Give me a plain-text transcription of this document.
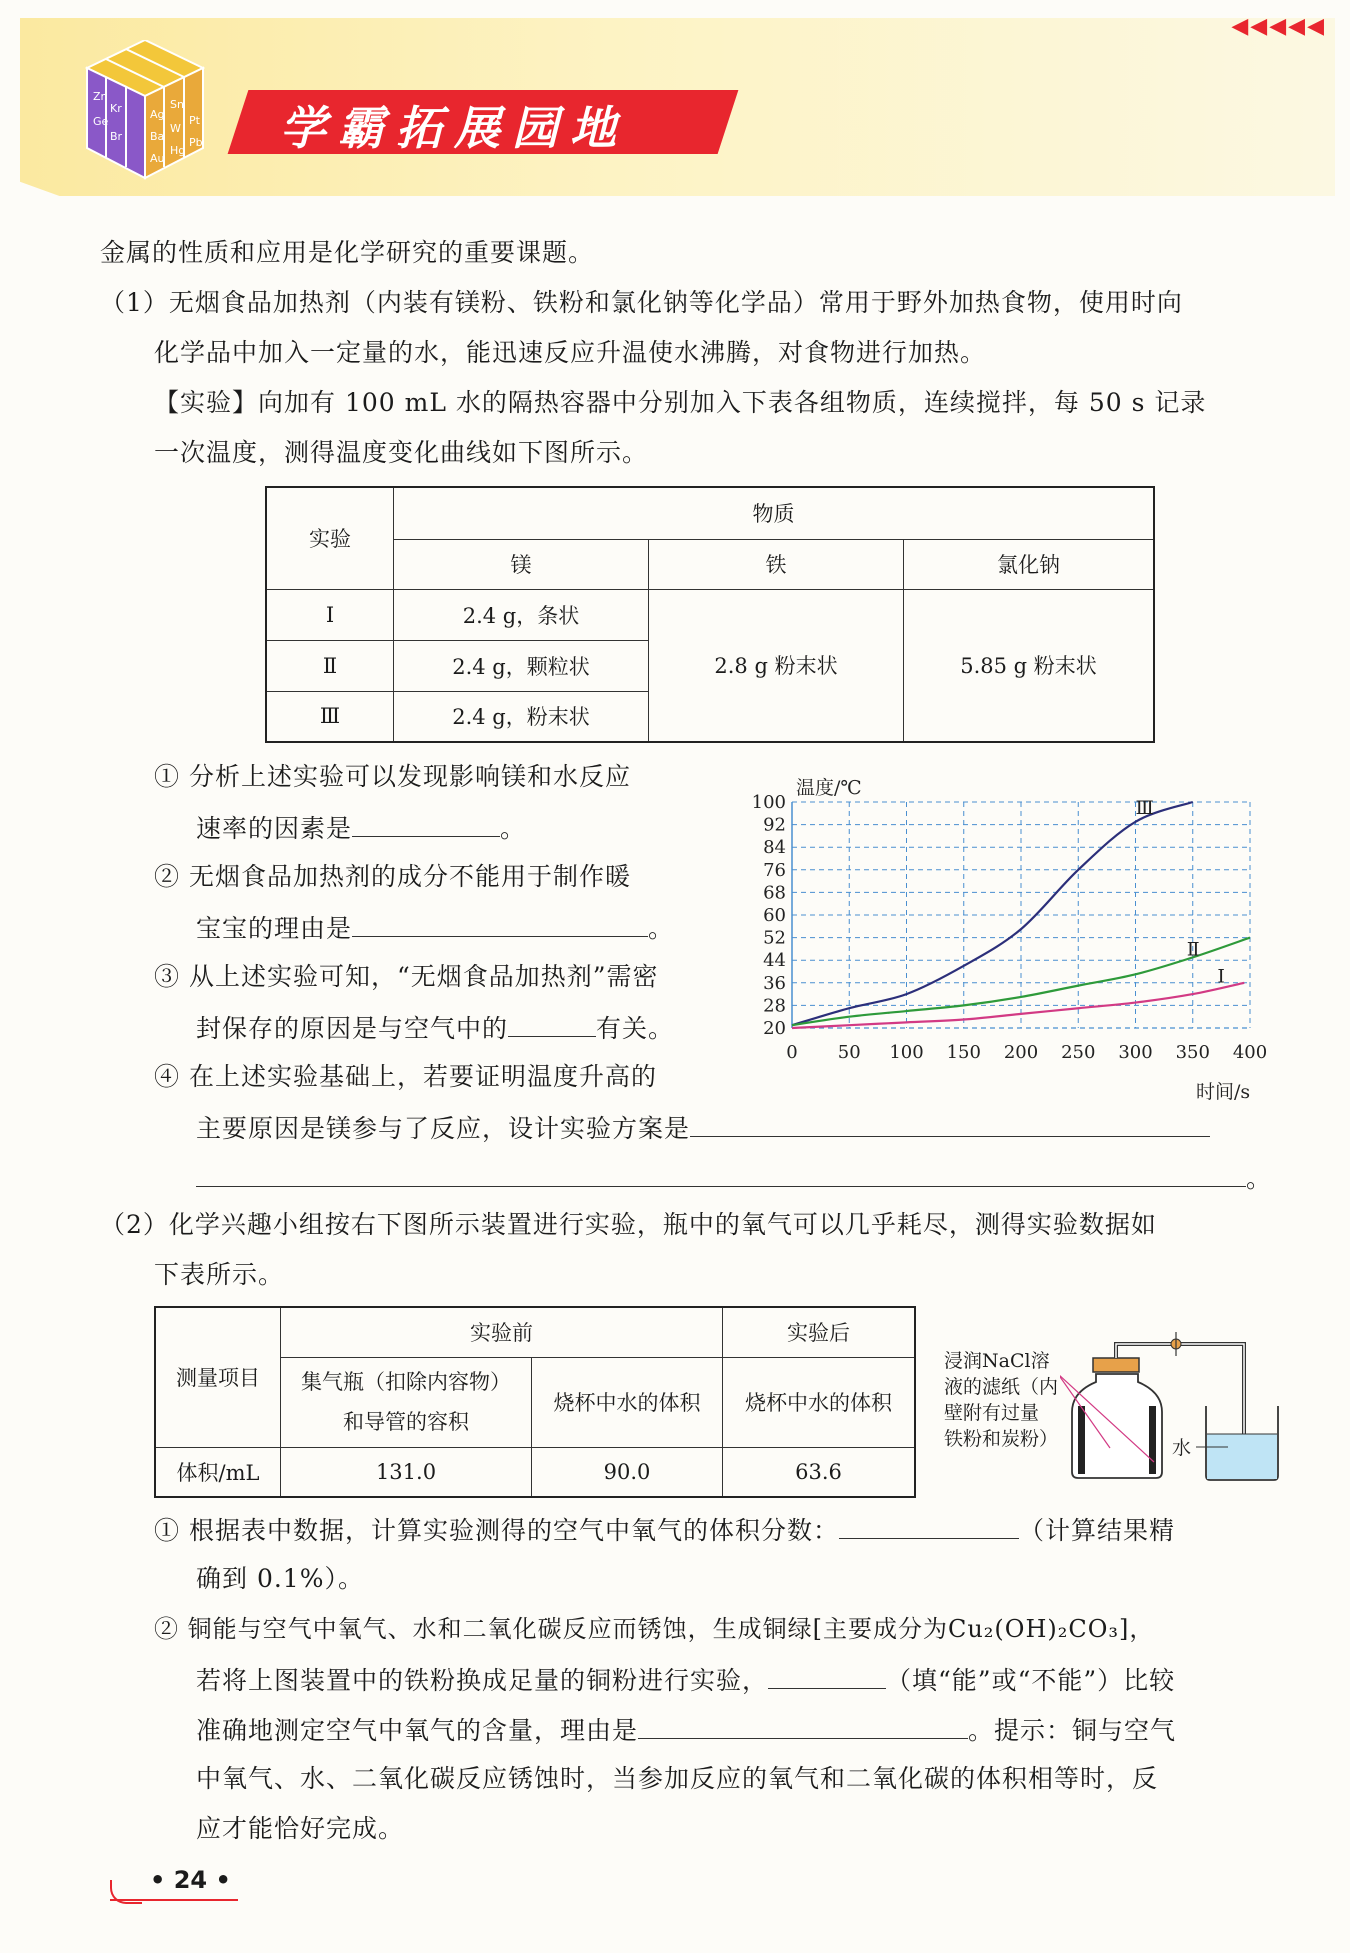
Zn
Ge
Ag
Sn
Ba
W
Pt
Au
Hg
Pb
Br
Kr	学霸拓展园地
◀◀◀◀◀
金属的性质和应用是化学研究的重要课题。
（1）无烟食品加热剂（内装有镁粉、铁粉和氯化钠等化学品）常用于野外加热食物，使用时向
化学品中加入一定量的水，能迅速反应升温使水沸腾，对食物进行加热。
【实验】向加有 100 mL 水的隔热容器中分别加入下表各组物质，连续搅拌，每 50 s 记录
一次温度，测得温度变化曲线如下图所示。
实验	物质		
	镁	铁	氯化钠
Ⅰ	2.4 g，条状	2.8 g 粉末状	5.85 g 粉末状
Ⅱ	2.4 g，颗粒状		
Ⅲ	2.4 g，粉末状		
① 分析上述实验可以发现影响镁和水反应
速率的因素是	。
② 无烟食品加热剂的成分不能用于制作暖
宝宝的理由是	。
③ 从上述实验可知，“无烟食品加热剂”需密
封保存的原因是与空气中的	有关。
④ 在上述实验基础上，若要证明温度升高的
主要原因是镁参与了反应，设计实验方案是
。
温度/℃
时间/s
20
28
36
44
52
60
68
76
84
92
100
0 50 100 150 200 250 300 350 400
Ⅲ
Ⅱ
Ⅰ
（2）化学兴趣小组按右下图所示装置进行实验，瓶中的氧气可以几乎耗尽，测得实验数据如
下表所示。
测量项目	实验前		实验后

	集气瓶（扣除内容物）
和导管的容积	烧杯中水的体积	烧杯中水的体积
体积/mL	131.0	90.0	63.6
浸润NaCl溶
液的滤纸（内
壁附有过量
铁粉和炭粉）	水
① 根据表中数据，计算实验测得的空气中氧气的体积分数：	（计算结果精
确到 0.1%）。
② 铜能与空气中氧气、水和二氧化碳反应而锈蚀，生成铜绿[主要成分为Cu₂(OH)₂CO₃]，
若将上图装置中的铁粉换成足量的铜粉进行实验，	（填“能”或“不能”）比较
准确地测定空气中氧气的含量，理由是	。提示：铜与空气
中氧气、水、二氧化碳反应锈蚀时，当参加反应的氧气和二氧化碳的体积相等时，反
应才能恰好完成。
• 24 •
